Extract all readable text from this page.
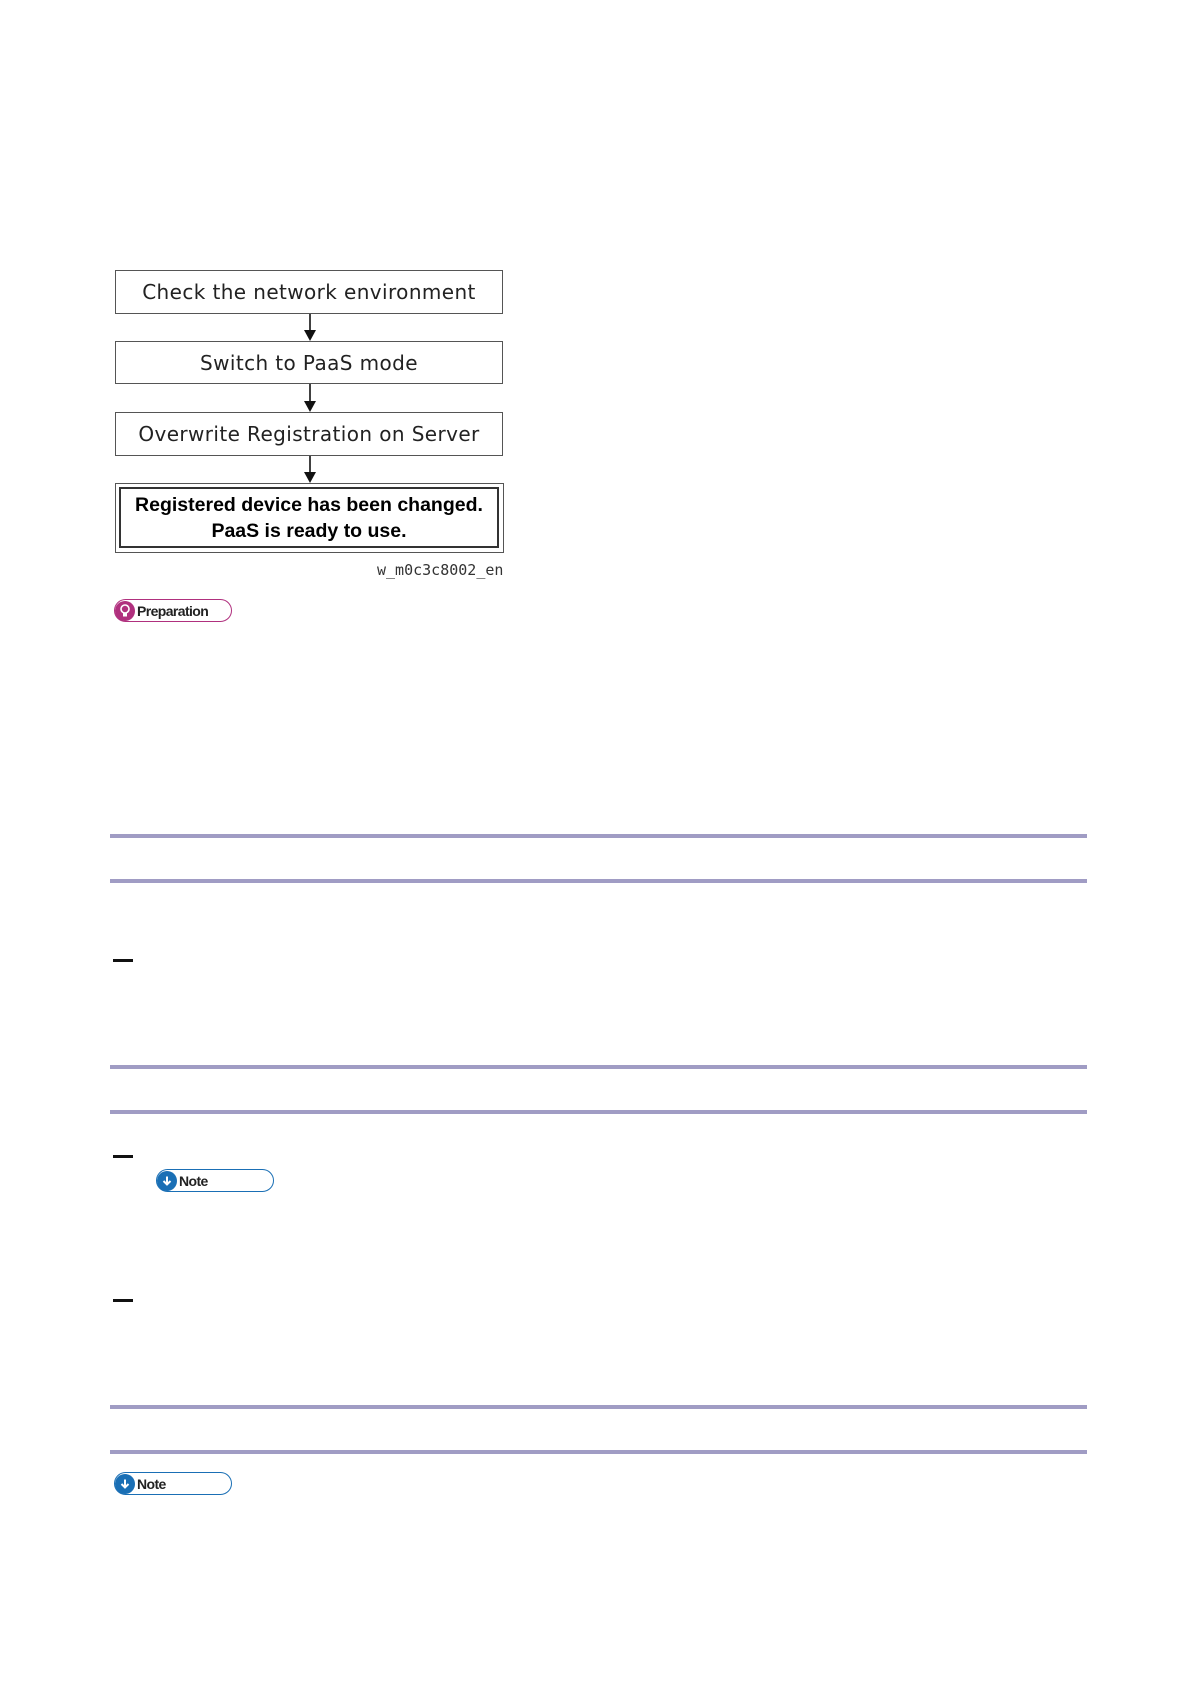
Check the network environment
Switch to PaaS mode
Overwrite Registration on Server
Registered device has been changed.
PaaS is ready to use.
w_m0c3c8002_en
Preparation
Note
Note
